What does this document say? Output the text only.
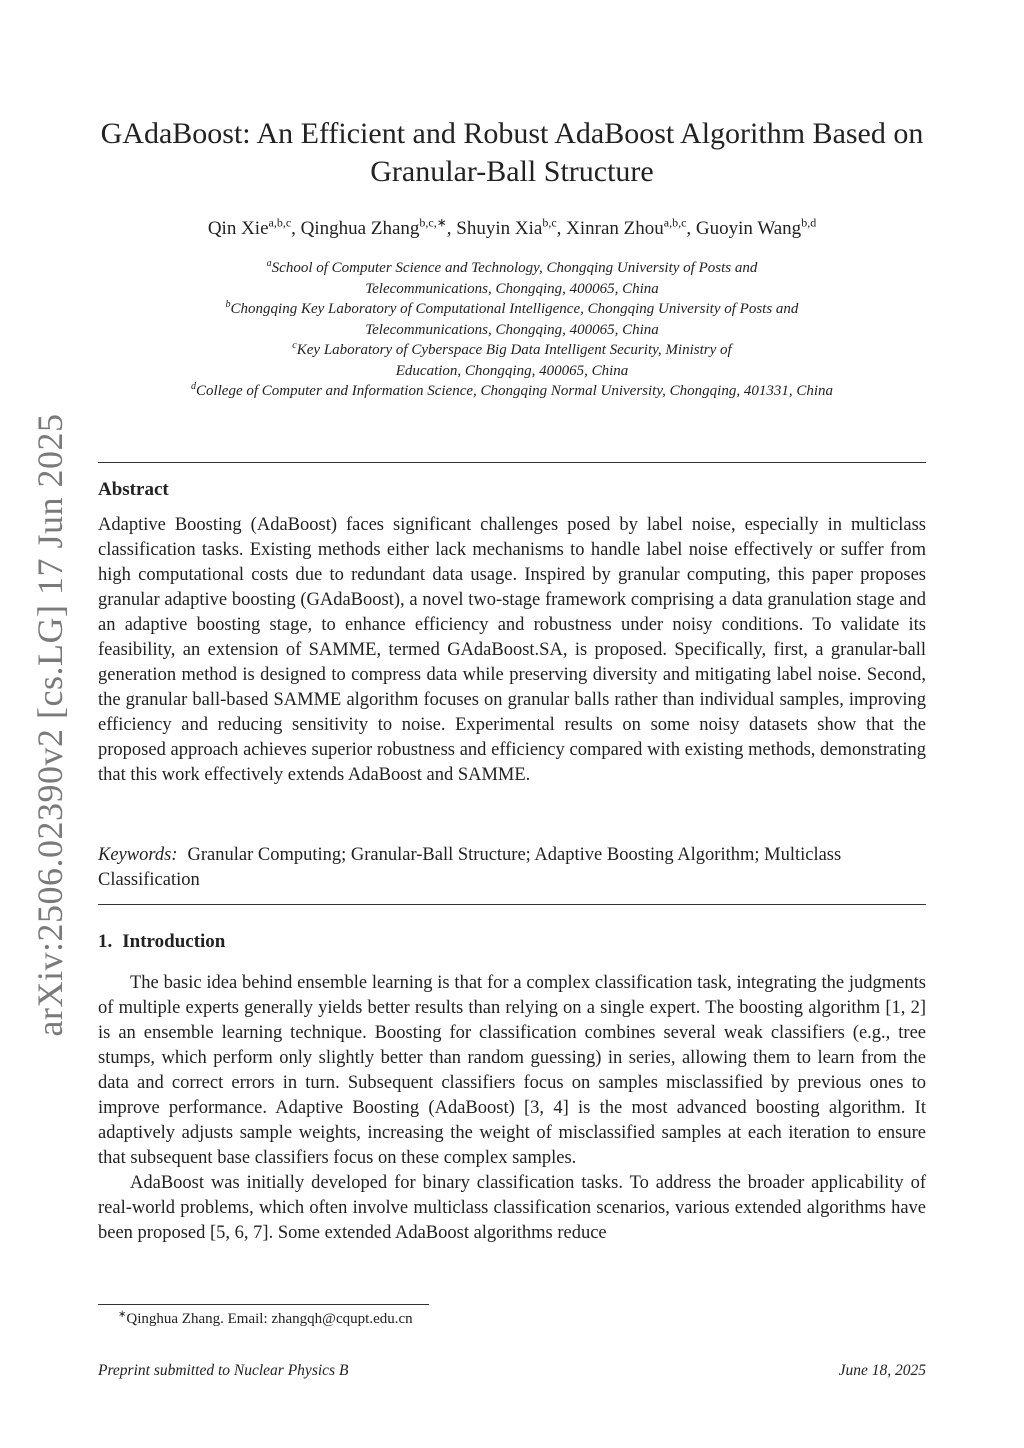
arXiv:2506.02390v2 [cs.LG] 17 Jun 2025
GAdaBoost: An Efficient and Robust AdaBoost Algorithm Based on
Granular-Ball Structure
Qin Xie$^{a,b,c}$, Qinghua Zhang$^{b,c,∗}$, Shuyin Xia$^{b,c}$, Xinran Zhou$^{a,b,c}$, Guoyin Wang$^{b,d}$
$^a$School of Computer Science and Technology, Chongqing University of Posts and
Telecommunications, Chongqing, 400065, China
$^b$Chongqing Key Laboratory of Computational Intelligence, Chongqing University of Posts and
Telecommunications, Chongqing, 400065, China
$^c$Key Laboratory of Cyberspace Big Data Intelligent Security, Ministry of
Education, Chongqing, 400065, China
$^d$College of Computer and Information Science, Chongqing Normal University, Chongqing, 401331, China
Abstract
Adaptive Boosting (AdaBoost) faces significant challenges posed by label noise, especially in multiclass classification tasks. Existing methods either lack mechanisms to handle label noise effectively or suffer from high computational costs due to redundant data usage. Inspired by granular computing, this paper proposes granular adaptive boosting (GAdaBoost), a novel two-stage framework comprising a data granulation stage and an adaptive boosting stage, to enhance efficiency and robustness under noisy conditions. To validate its feasibility, an extension of SAMME, termed GAdaBoost.SA, is proposed. Specifically, first, a granular-ball generation method is designed to compress data while preserving diversity and mitigating label noise. Second, the granular ball-based SAMME algorithm focuses on granular balls rather than individual samples, improving efficiency and reducing sensitivity to noise. Experimental results on some noisy datasets show that the proposed approach achieves superior robustness and efficiency compared with existing methods, demonstrating that this work effectively extends AdaBoost and SAMME.
Keywords: Granular Computing; Granular-Ball Structure; Adaptive Boosting Algorithm; Multiclass Classification
1. Introduction

The basic idea behind ensemble learning is that for a complex classification task, integrating the judgments of multiple experts generally yields better results than relying on a single expert. The boosting algorithm [1, 2] is an ensemble learning technique. Boosting for classification combines several weak classifiers (e.g., tree stumps, which perform only slightly better than random guessing) in series, allowing them to learn from the data and correct errors in turn. Subsequent classifiers focus on samples misclassified by previous ones to improve performance. Adaptive Boosting (AdaBoost) [3, 4] is the most advanced boosting algorithm. It adaptively adjusts sample weights, increasing the weight of misclassified samples at each iteration to ensure that subsequent base classifiers focus on these complex samples.

AdaBoost was initially developed for binary classification tasks. To address the broader applicability of real-world problems, which often involve multiclass classification scenarios, various extended algorithms have been proposed [5, 6, 7]. Some extended AdaBoost algorithms reduce

∗Qinghua Zhang. Email: zhangqh@cqupt.edu.cn
Preprint submitted to Nuclear Physics B	June 18, 2025
